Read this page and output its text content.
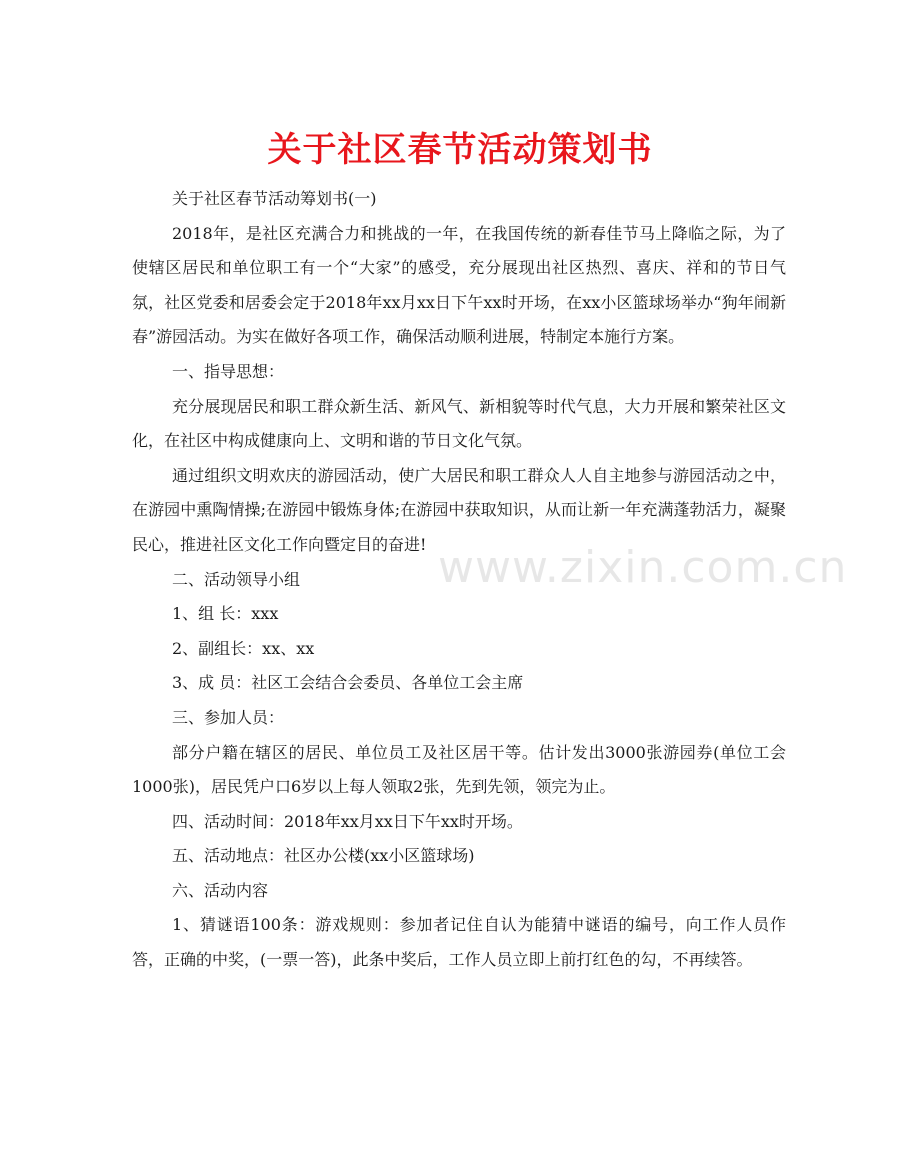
关于社区春节活动策划书

关于社区春节活动筹划书(一)

2018年，是社区充满合力和挑战的一年，在我国传统的新春佳节马上降临之际，为了使辖区居民和单位职工有一个“大家”的感受，充分展现出社区热烈、喜庆、祥和的节日气氛，社区党委和居委会定于2018年xx月xx日下午xx时开场，在xx小区篮球场举办“狗年闹新春”游园活动。为实在做好各项工作，确保活动顺利进展，特制定本施行方案。

一、指导思想：

充分展现居民和职工群众新生活、新风气、新相貌等时代气息，大力开展和繁荣社区文化，在社区中构成健康向上、文明和谐的节日文化气氛。

通过组织文明欢庆的游园活动，使广大居民和职工群众人人自主地参与游园活动之中，在游园中熏陶情操;在游园中锻炼身体;在游园中获取知识，从而让新一年充满蓬勃活力，凝聚民心，推进社区文化工作向暨定目的奋进!

二、活动领导小组

1、组 长：xxx

2、副组长：xx、xx

3、成 员：社区工会结合会委员、各单位工会主席

三、参加人员：

部分户籍在辖区的居民、单位员工及社区居干等。估计发出3000张游园券(单位工会1000张)，居民凭户口6岁以上每人领取2张，先到先领，领完为止。

四、活动时间：2018年xx月xx日下午xx时开场。

五、活动地点：社区办公楼(xx小区篮球场)

六、活动内容

1、猜谜语100条：游戏规则：参加者记住自认为能猜中谜语的编号，向工作人员作答，正确的中奖，(一票一答)，此条中奖后，工作人员立即上前打红色的勾，不再续答。

www.zixin.com.cn
